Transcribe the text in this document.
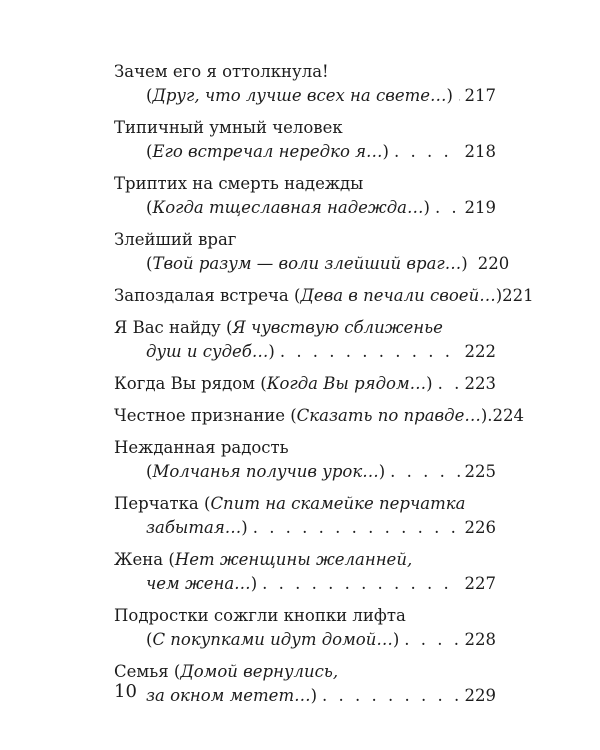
Зачем его я оттолкнула!
(Друг, что лучше всех на свете…) . . . 217
Типичный умный человек
(Его встречал нередко я…) . . .	218
Триптих на смерть надежды
(Когда тщеславная надежда…) . . . 219
Злейший враг
(Твой разум — воли злейший враг…) 220
Запоздалая встреча (Дева в печали своей…) 221
Я Вас найду (Я чувствую сближенье
душ и судеб…) . . .	222
Когда Вы рядом (Когда Вы рядом…) . . . 223
Честное признание (Сказать по правде…). 224
Нежданная радость
(Молчанья получив урок…) . . .	225
Перчатка (Спит на скамейке перчатка
забытая…) . . .	226
Жена (Нет женщины желанней,
чем жена…) . . .	227
Подростки сожгли кнопки лифта
(С покупками идут домой…) . . .	228
Семья (Домой вернулись,
за окном метет…) . . .	229
10
